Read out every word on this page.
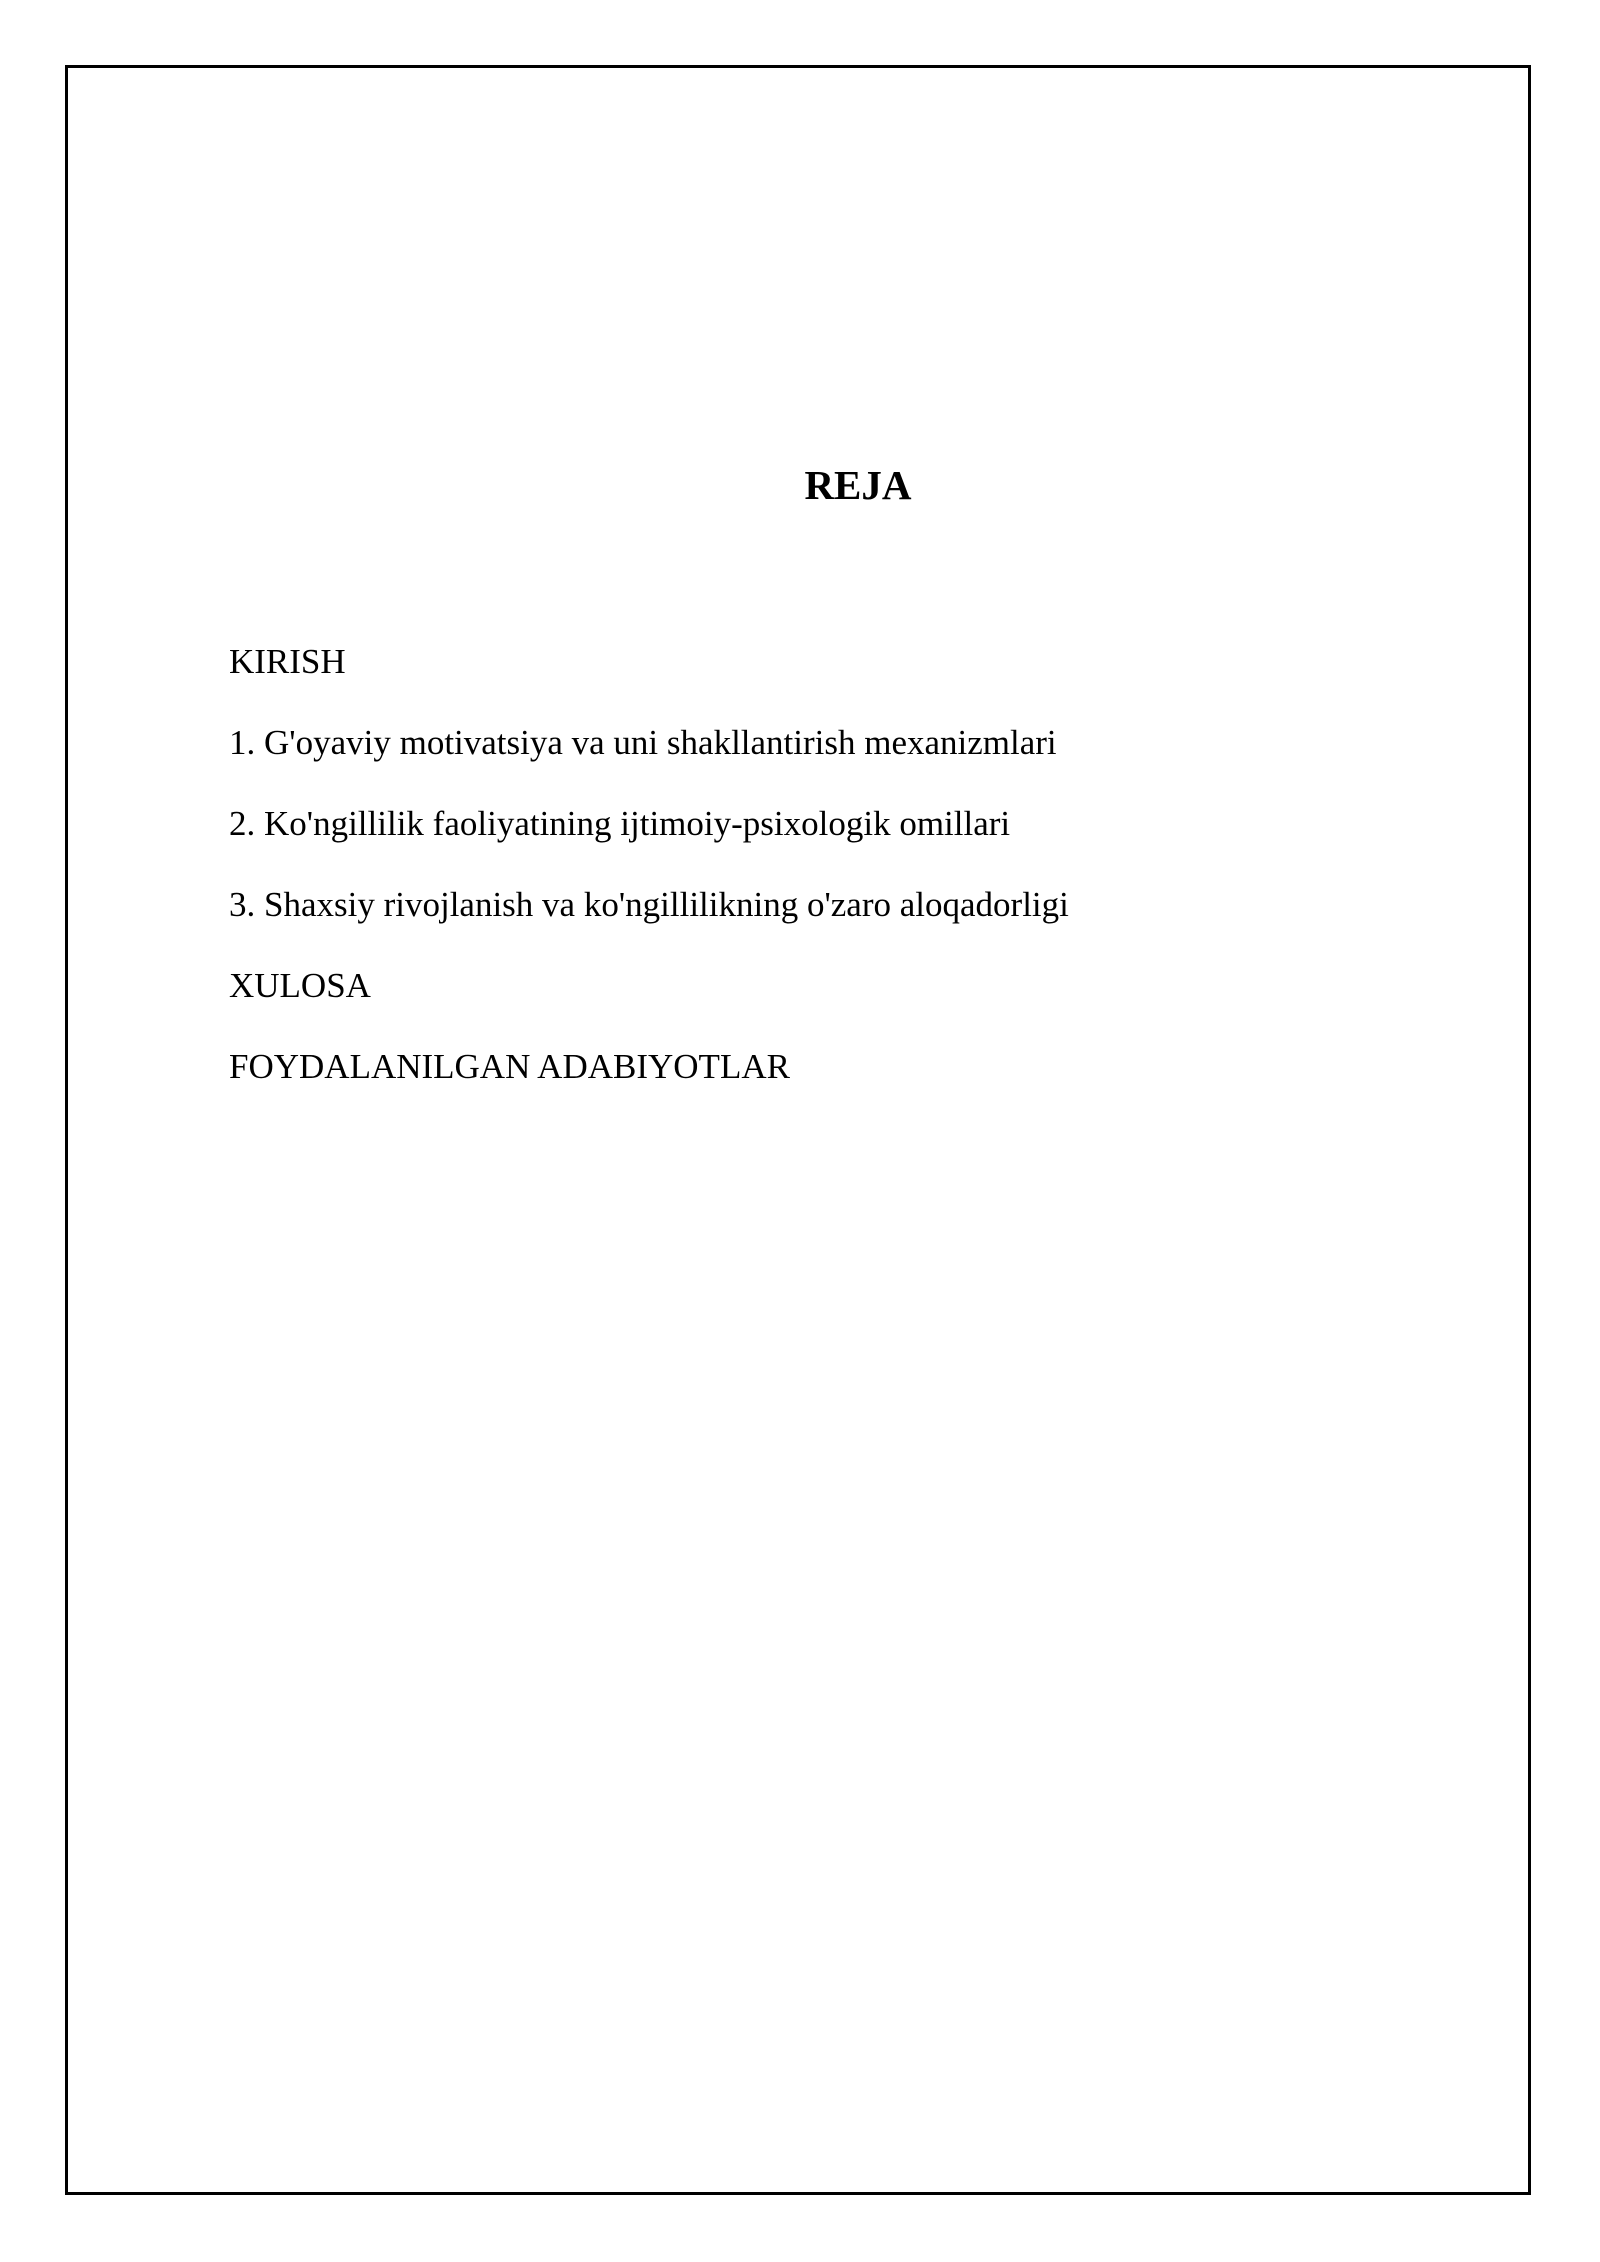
REJA
KIRISH
1. G'oyaviy motivatsiya va uni shakllantirish mexanizmlari
2. Ko'ngillilik faoliyatining ijtimoiy-psixologik omillari
3. Shaxsiy rivojlanish va ko'ngillilikning o'zaro aloqadorligi
XULOSA
FOYDALANILGAN ADABIYOTLAR
